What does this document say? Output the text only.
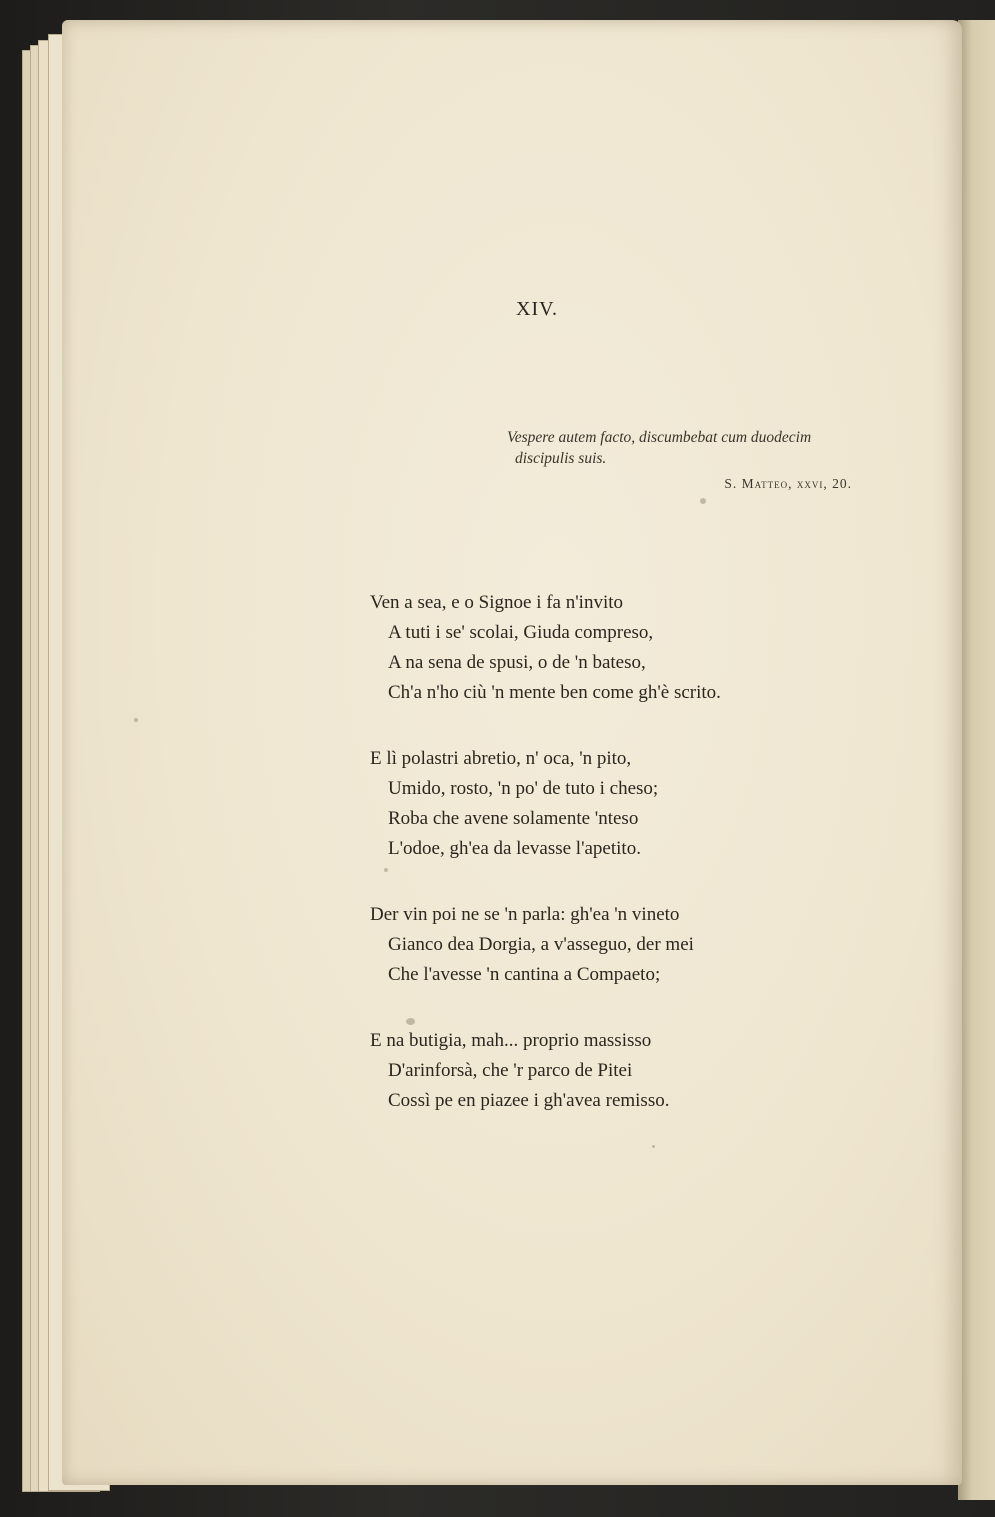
XIV.

Vespere autem facto, discumbebat cum duodecim
discipulis suis.

S. Matteo, xxvi, 20.

Ven a sea, e o Signoe i fa n'invito
A tuti i se' scolai, Giuda compreso,
A na sena de spusi, o de 'n bateso,
Ch'a n'ho ciù 'n mente ben come gh'è scrito.
E lì polastri abretio, n' oca, 'n pito,
Umido, rosto, 'n po' de tuto i cheso;
Roba che avene solamente 'nteso
L'odoe, gh'ea da levasse l'apetito.
Der vin poi ne se 'n parla: gh'ea 'n vineto
Gianco dea Dorgia, a v'asseguo, der mei
Che l'avesse 'n cantina a Compaeto;
E na butigia, mah... proprio massisso
D'arinforsà, che 'r parco de Pitei
Cossì pe en piazee i gh'avea remisso.
